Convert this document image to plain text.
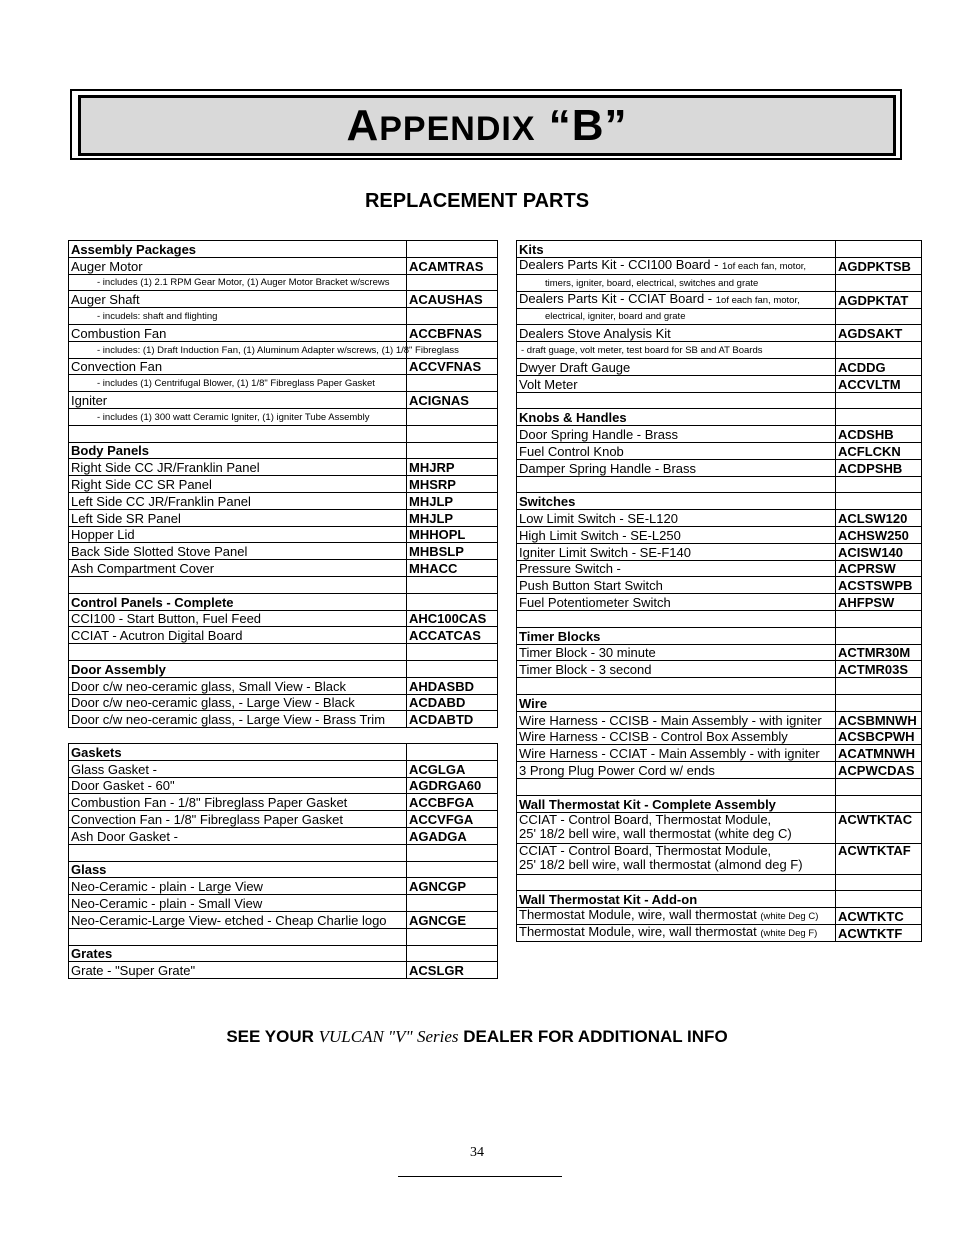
APPENDIX “B”
REPLACEMENT PARTS
Assembly Packages	
Auger Motor	ACAMTRAS
- includes (1) 2.1 RPM Gear Motor, (1) Auger Motor Bracket w/screws	
Auger Shaft	ACAUSHAS
- incudels: shaft and flighting	
Combustion Fan	ACCBFNAS
- includes: (1) Draft Induction Fan, (1) Aluminum Adapter w/screws, (1) 1/8" Fibreglass	
Convection Fan	ACCVFNAS
- includes (1) Centrifugal Blower, (1) 1/8" Fibreglass Paper Gasket	
Igniter	ACIGNAS
- includes (1) 300 watt Ceramic Igniter, (1) igniter Tube Assembly	

Body Panels	
Right Side CC JR/Franklin Panel	MHJRP
Right Side CC SR Panel	MHSRP
Left Side CC JR/Franklin Panel	MHJLP
Left Side SR Panel	MHJLP
Hopper Lid	MHHOPL
Back Side Slotted Stove Panel	MHBSLP
Ash Compartment Cover	MHACC

Control Panels - Complete	
CCI100 - Start Button, Fuel Feed	AHC100CAS
CCIAT - Acutron Digital Board	ACCATCAS

Door Assembly	
Door c/w neo-ceramic glass, Small View - Black	AHDASBD
Door c/w neo-ceramic glass, - Large View - Black	ACDABD
Door c/w neo-ceramic glass, - Large View - Brass Trim	ACDABTD
Gaskets	
Glass Gasket -	ACGLGA
Door Gasket - 60"	AGDRGA60
Combustion Fan - 1/8" Fibreglass Paper Gasket	ACCBFGA
Convection Fan - 1/8" Fibreglass Paper Gasket	ACCVFGA
Ash Door Gasket -	AGADGA

Glass	
Neo-Ceramic - plain - Large View	AGNCGP
Neo-Ceramic - plain - Small View	
Neo-Ceramic-Large View- etched - Cheap Charlie logo	AGNCGE

Grates	
Grate - "Super Grate"	ACSLGR
Kits	
Dealers Parts Kit - CCI100 Board - 1of each fan, motor,	AGDPKTSB
timers, igniter, board, electrical, switches and grate	
Dealers Parts Kit - CCIAT Board - 1of each fan, motor,	AGDPKTAT
electrical, igniter, board and grate	
Dealers Stove Analysis Kit	AGDSAKT
- draft guage, volt meter, test board for SB and AT Boards	
Dwyer Draft Gauge	ACDDG
Volt Meter	ACCVLTM

Knobs & Handles	
Door Spring Handle - Brass	ACDSHB
Fuel Control Knob	ACFLCKN
Damper Spring Handle - Brass	ACDPSHB

Switches	
Low Limit Switch - SE-L120	ACLSW120
High Limit Switch - SE-L250	ACHSW250
Igniter Limit Switch - SE-F140	ACISW140
Pressure Switch -	ACPRSW
Push Button Start Switch	ACSTSWPB
Fuel Potentiometer Switch	AHFPSW

Timer Blocks	
Timer Block - 30 minute	ACTMR30M
Timer Block - 3 second	ACTMR03S

Wire	
Wire Harness - CCISB - Main Assembly - with igniter	ACSBMNWH
Wire Harness - CCISB - Control Box Assembly	ACSBCPWH
Wire Harness - CCIAT - Main Assembly - with igniter	ACATMNWH
3 Prong Plug Power Cord w/ ends	ACPWCDAS

Wall Thermostat Kit - Complete Assembly	
CCIAT - Control Board, Thermostat Module,
25' 18/2 bell wire, wall thermostat (white deg C)	ACWTKTAC
CCIAT - Control Board, Thermostat Module,
25' 18/2 bell wire, wall thermostat (almond deg F)	ACWTKTAF

Wall Thermostat Kit - Add-on	
Thermostat Module, wire, wall thermostat (white Deg C)	ACWTKTC
Thermostat Module, wire, wall thermostat (white Deg F)	ACWTKTF
SEE YOUR VULCAN "V" Series DEALER FOR ADDITIONAL INFO
34
